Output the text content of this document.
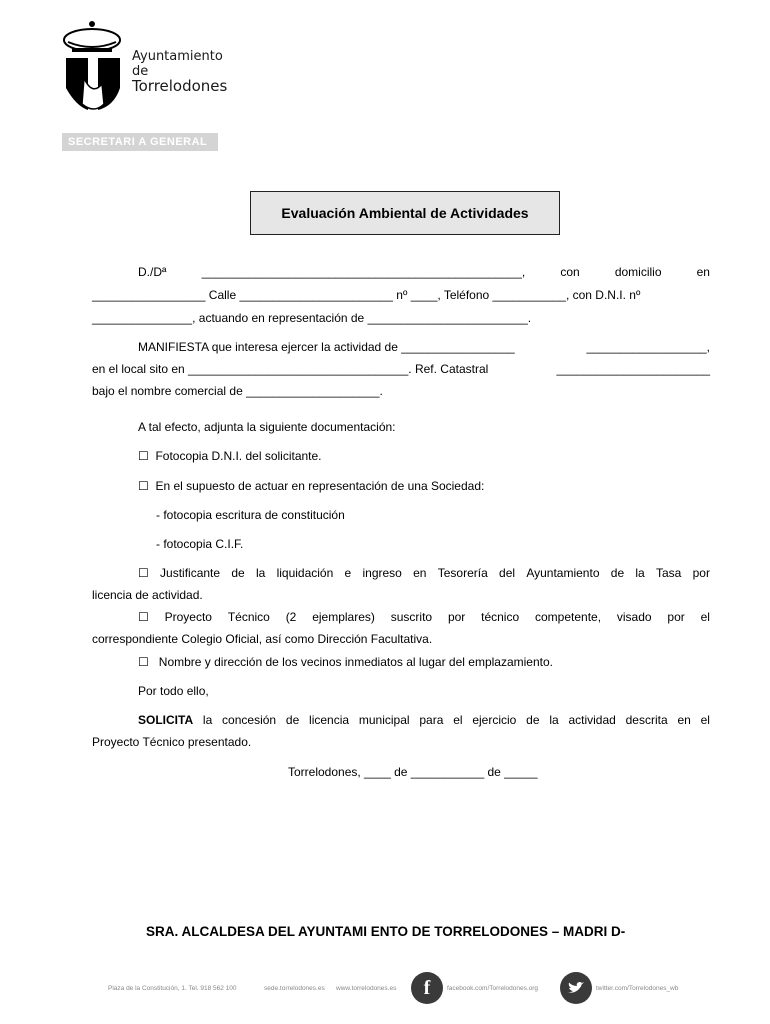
Ayuntamiento
de
Torrelodones
SECRETARI A GENERAL
Evaluación Ambiental de Actividades
D./Dª	________________________________________________,	con	domicilio	en
_________________ Calle _______________________ nº ____, Teléfono ___________, con D.N.I. nº
_______________, actuando en representación de ________________________.
MANIFIESTA que interesa ejercer la actividad de _________________	__________________,
en el local sito en _________________________________. Ref. Catastral	_______________________
bajo el nombre comercial de ____________________.
A tal efecto, adjunta la siguiente documentación:
☐ Fotocopia D.N.I. del solicitante.
☐ En el supuesto de actuar en representación de una Sociedad:
- fotocopia escritura de constitución
- fotocopia C.I.F.
☐ Justificante de la liquidación e ingreso en Tesorería del Ayuntamiento de la Tasa por
licencia de actividad.
☐ Proyecto Técnico (2 ejemplares) suscrito por técnico competente, visado por el
correspondiente Colegio Oficial, así como Dirección Facultativa.
☐ Nombre y dirección de los vecinos inmediatos al lugar del emplazamiento.
Por todo ello,
SOLICITA la concesión de licencia municipal para el ejercicio de la actividad descrita en el
Proyecto Técnico presentado.
Torrelodones, ____ de ___________ de _____
SRA. ALCALDESA DEL AYUNTAMI ENTO DE TORRELODONES – MADRI D-
Plaza de la Constitución, 1. Tel. 918 562 100	sede.torrelodones.es www.torrelodones.es	f	facebook.com/Torrelodones.org	twitter.com/Torrelodones_wb
